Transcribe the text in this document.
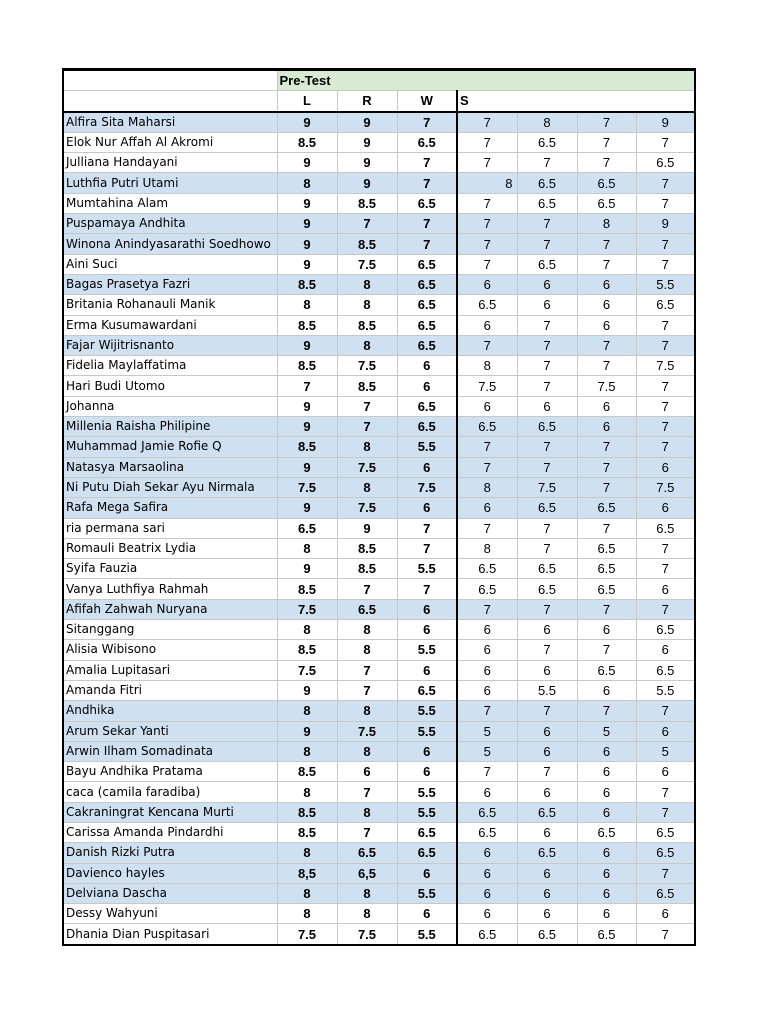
	Pre-Test						
	L	R	W	S			
Alfira Sita Maharsi	9	9	7	7	8	7	9
Elok Nur Affah Al Akromi	8.5	9	6.5	7	6.5	7	7
Julliana Handayani	9	9	7	7	7	7	6.5
Luthfia Putri Utami	8	9	7	8	6.5	6.5	7
Mumtahina Alam	9	8.5	6.5	7	6.5	6.5	7
Puspamaya Andhita	9	7	7	7	7	8	9
Winona Anindyasarathi Soedhowo	9	8.5	7	7	7	7	7
Aini Suci	9	7.5	6.5	7	6.5	7	7
Bagas Prasetya Fazri	8.5	8	6.5	6	6	6	5.5
Britania Rohanauli Manik	8	8	6.5	6.5	6	6	6.5
Erma Kusumawardani	8.5	8.5	6.5	6	7	6	7
Fajar Wijitrisnanto	9	8	6.5	7	7	7	7
Fidelia Maylaffatima	8.5	7.5	6	8	7	7	7.5
Hari Budi Utomo	7	8.5	6	7.5	7	7.5	7
Johanna	9	7	6.5	6	6	6	7
Millenia Raisha Philipine	9	7	6.5	6.5	6.5	6	7
Muhammad Jamie Rofie Q	8.5	8	5.5	7	7	7	7
Natasya Marsaolina	9	7.5	6	7	7	7	6
Ni Putu Diah Sekar Ayu Nirmala	7.5	8	7.5	8	7.5	7	7.5
Rafa Mega Safira	9	7.5	6	6	6.5	6.5	6
ria permana sari	6.5	9	7	7	7	7	6.5
Romauli Beatrix Lydia	8	8.5	7	8	7	6.5	7
Syifa Fauzia	9	8.5	5.5	6.5	6.5	6.5	7
Vanya Luthfiya Rahmah	8.5	7	7	6.5	6.5	6.5	6
Afifah Zahwah Nuryana	7.5	6.5	6	7	7	7	7
Sitanggang	8	8	6	6	6	6	6.5
Alisia Wibisono	8.5	8	5.5	6	7	7	6
Amalia Lupitasari	7.5	7	6	6	6	6.5	6.5
Amanda Fitri	9	7	6.5	6	5.5	6	5.5
Andhika	8	8	5.5	7	7	7	7
Arum Sekar Yanti	9	7.5	5.5	5	6	5	6
Arwin Ilham Somadinata	8	8	6	5	6	6	5
Bayu Andhika Pratama	8.5	6	6	7	7	6	6
caca (camila faradiba)	8	7	5.5	6	6	6	7
Cakraningrat Kencana Murti	8.5	8	5.5	6.5	6.5	6	7
Carissa Amanda Pindardhi	8.5	7	6.5	6.5	6	6.5	6.5
Danish Rizki Putra	8	6.5	6.5	6	6.5	6	6.5
Davienco hayles	8,5	6,5	6	6	6	6	7
Delviana Dascha	8	8	5.5	6	6	6	6.5
Dessy Wahyuni	8	8	6	6	6	6	6
Dhania Dian Puspitasari	7.5	7.5	5.5	6.5	6.5	6.5	7
